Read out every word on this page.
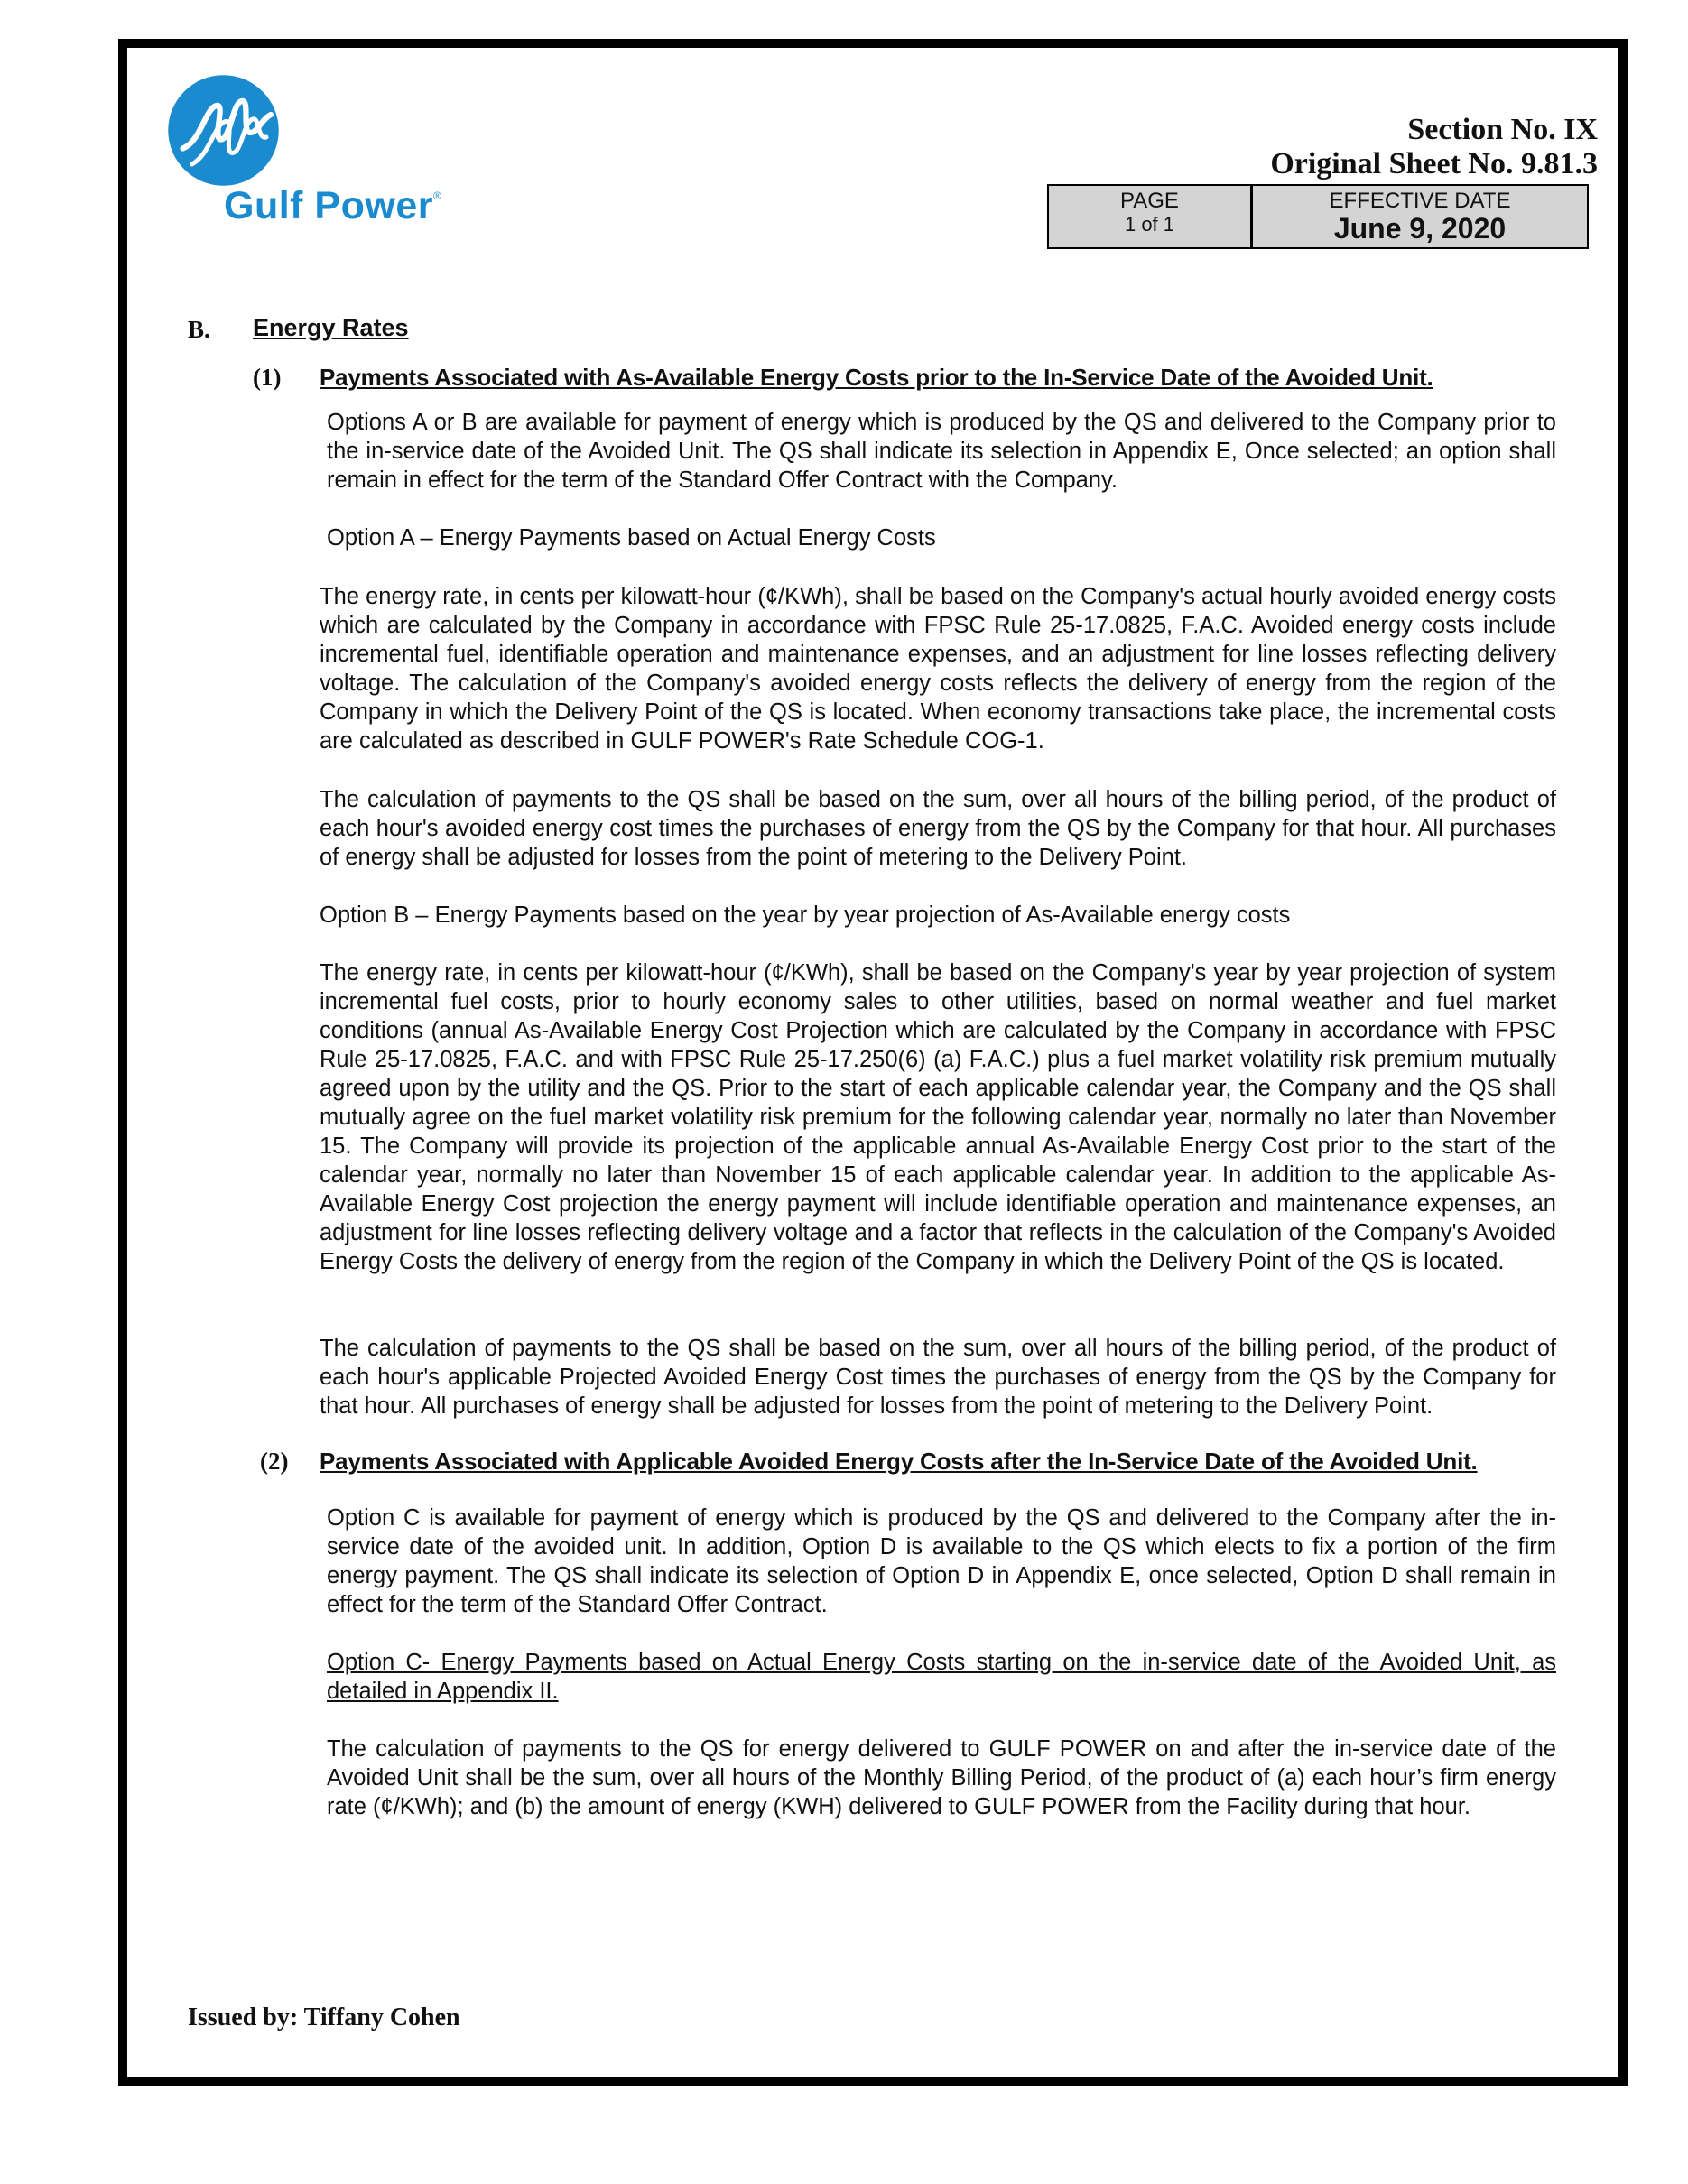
Gulf Power®
Section No. IX
Original Sheet No. 9.81.3
PAGE
1 of 1
EFFECTIVE DATE
June 9, 2020
B. Energy Rates
(1) Payments Associated with As-Available Energy Costs prior to the In-Service Date of the Avoided Unit.

Options A or B are available for payment of energy which is produced by the QS and delivered to the Company prior to the in-service date of the Avoided Unit. The QS shall indicate its selection in Appendix E, Once selected; an option shall remain in effect for the term of the Standard Offer Contract with the Company.

Option A – Energy Payments based on Actual Energy Costs

The energy rate, in cents per kilowatt-hour (¢/KWh), shall be based on the Company's actual hourly avoided energy costs which are calculated by the Company in accordance with FPSC Rule 25-17.0825, F.A.C. Avoided energy costs include incremental fuel, identifiable operation and maintenance expenses, and an adjustment for line losses reflecting delivery voltage. The calculation of the Company's avoided energy costs reflects the delivery of energy from the region of the Company in which the Delivery Point of the QS is located. When economy transactions take place, the incremental costs are calculated as described in GULF POWER's Rate Schedule COG-1.

The calculation of payments to the QS shall be based on the sum, over all hours of the billing period, of the product of each hour's avoided energy cost times the purchases of energy from the QS by the Company for that hour. All purchases of energy shall be adjusted for losses from the point of metering to the Delivery Point.

Option B – Energy Payments based on the year by year projection of As-Available energy costs

The energy rate, in cents per kilowatt-hour (¢/KWh), shall be based on the Company's year by year projection of system incremental fuel costs, prior to hourly economy sales to other utilities, based on normal weather and fuel market conditions (annual As-Available Energy Cost Projection which are calculated by the Company in accordance with FPSC Rule 25-17.0825, F.A.C. and with FPSC Rule 25-17.250(6) (a) F.A.C.) plus a fuel market volatility risk premium mutually agreed upon by the utility and the QS. Prior to the start of each applicable calendar year, the Company and the QS shall mutually agree on the fuel market volatility risk premium for the following calendar year, normally no later than November 15. The Company will provide its projection of the applicable annual As-Available Energy Cost prior to the start of the calendar year, normally no later than November 15 of each applicable calendar year. In addition to the applicable As-Available Energy Cost projection the energy payment will include identifiable operation and maintenance expenses, an adjustment for line losses reflecting delivery voltage and a factor that reflects in the calculation of the Company's Avoided Energy Costs the delivery of energy from the region of the Company in which the Delivery Point of the QS is located.

The calculation of payments to the QS shall be based on the sum, over all hours of the billing period, of the product of each hour's applicable Projected Avoided Energy Cost times the purchases of energy from the QS by the Company for that hour. All purchases of energy shall be adjusted for losses from the point of metering to the Delivery Point.

(2) Payments Associated with Applicable Avoided Energy Costs after the In-Service Date of the Avoided Unit.

Option C is available for payment of energy which is produced by the QS and delivered to the Company after the in-service date of the avoided unit. In addition, Option D is available to the QS which elects to fix a portion of the firm energy payment. The QS shall indicate its selection of Option D in Appendix E, once selected, Option D shall remain in effect for the term of the Standard Offer Contract.

Option C- Energy Payments based on Actual Energy Costs starting on the in-service date of the Avoided Unit, as detailed in Appendix II.

The calculation of payments to the QS for energy delivered to GULF POWER on and after the in-service date of the Avoided Unit shall be the sum, over all hours of the Monthly Billing Period, of the product of (a) each hour’s firm energy rate (¢/KWh); and (b) the amount of energy (KWH) delivered to GULF POWER from the Facility during that hour.

Issued by: Tiffany Cohen
